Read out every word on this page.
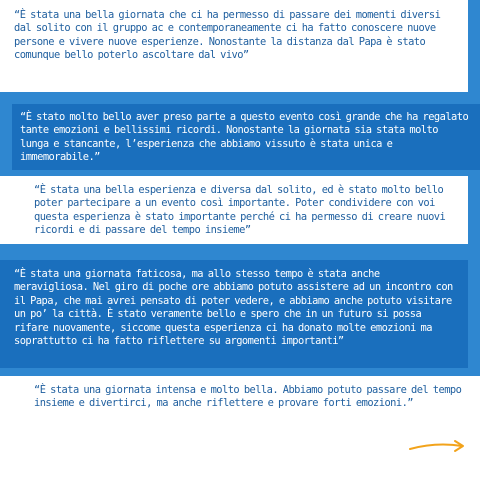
“È stata una bella giornata che ci ha permesso di passare dei momenti diversi dal solito con il gruppo ac e contemporaneamente ci ha fatto conoscere nuove persone e vivere nuove esperienze. Nonostante la distanza dal Papa è stato comunque bello poterlo ascoltare dal vivo”

“È stato molto bello aver preso parte a questo evento così grande che ha regalato tante emozioni e bellissimi ricordi. Nonostante la giornata sia stata molto lunga e stancante, l’esperienza che abbiamo vissuto è stata unica e immemorabile.”

“È stata una bella esperienza e diversa dal solito, ed è stato molto bello poter partecipare a un evento così importante. Poter condividere con voi questa esperienza è stato importante perché ci ha permesso di creare nuovi ricordi e di passare del tempo insieme”

“È stata una giornata faticosa, ma allo stesso tempo è stata anche meravigliosa. Nel giro di poche ore abbiamo potuto assistere ad un incontro con il Papa, che mai avrei pensato di poter vedere, e abbiamo anche potuto visitare un po’ la città. È stato veramente bello e spero che in un futuro si possa rifare nuovamente, siccome questa esperienza ci ha donato molte emozioni ma soprattutto ci ha fatto riflettere su argomenti importanti”

“È stata una giornata intensa e molto bella. Abbiamo potuto passare del tempo insieme e divertirci, ma anche riflettere e provare forti emozioni.”
